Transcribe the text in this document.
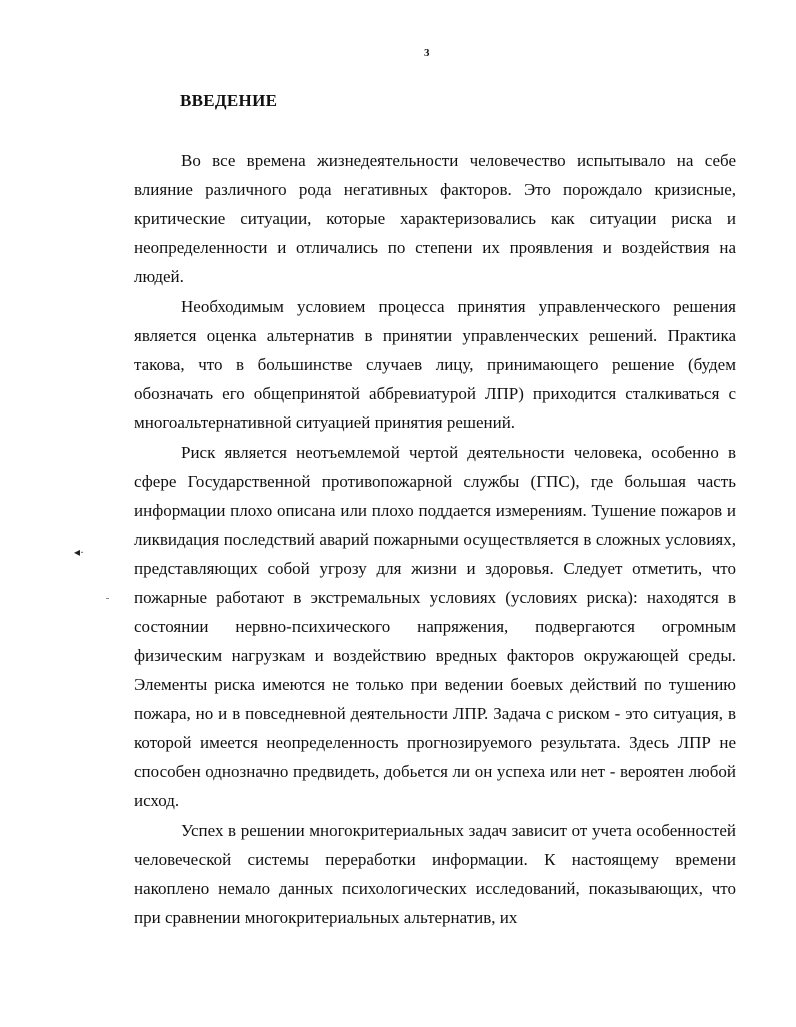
3
ВВЕДЕНИЕ

Во все времена жизнедеятельности человечество испытывало на себе влияние различного рода негативных факторов. Это порождало кризисные, критические ситуации, которые характеризовались как ситуации риска и неопределенности и отличались по степени их проявления и воздействия на людей.

Необходимым условием процесса принятия управленческого решения является оценка альтернатив в принятии управленческих решений. Практика такова, что в большинстве случаев лицу, принимающего решение (будем обозначать его общепринятой аббревиатурой ЛПР) приходится сталкиваться с многоальтернативной ситуацией принятия решений.

Риск является неотъемлемой чертой деятельности человека, особенно в сфере Государственной противопожарной службы (ГПС), где большая часть информации плохо описана или плохо поддается измерениям. Тушение пожаров и ликвидация последствий аварий пожарными осуществляется в сложных условиях, представляющих собой угрозу для жизни и здоровья. Следует отметить, что пожарные работают в экстремальных условиях (условиях риска): находятся в состоянии нервно-психического напряжения, подвергаются огромным физическим нагрузкам и воздействию вредных факторов окружающей среды. Элементы риска имеются не только при ведении боевых действий по тушению пожара, но и в повседневной деятельности ЛПР. Задача с риском - это ситуация, в которой имеется неопределенность прогнозируемого результата. Здесь ЛПР не способен однозначно предвидеть, добьется ли он успеха или нет - вероятен любой исход.

Успех в решении многокритериальных задач зависит от учета особенностей человеческой системы переработки информации. К настоящему времени накоплено немало данных психологических исследований, показывающих, что при сравнении многокритериальных альтернатив, их

◂·
